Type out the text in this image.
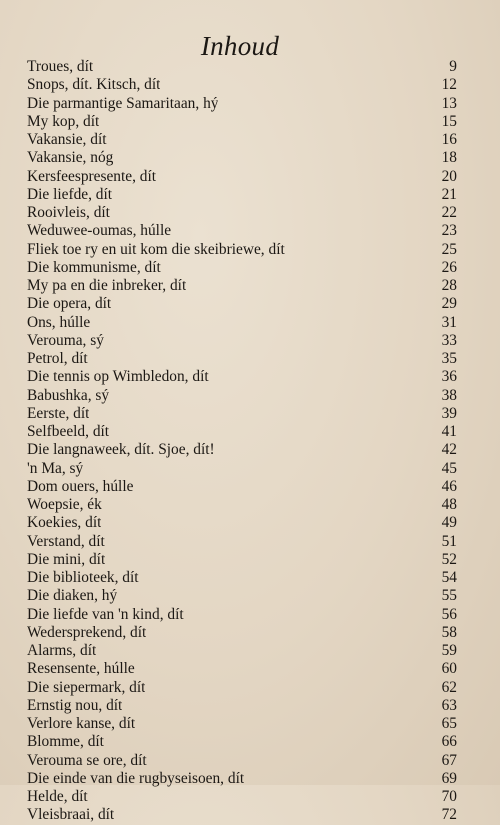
Inhoud
Troues, dít	9
Snops, dít. Kitsch, dít	12
Die parmantige Samaritaan, hý	13
My kop, dít	15
Vakansie, dít	16
Vakansie, nóg	18
Kersfeespresente, dít	20
Die liefde, dít	21
Rooivleis, dít	22
Weduwee-oumas, húlle	23
Fliek toe ry en uit kom die skeibriewe, dít	25
Die kommunisme, dít	26
My pa en die inbreker, dít	28
Die opera, dít	29
Ons, húlle	31
Verouma, sý	33
Petrol, dít	35
Die tennis op Wimbledon, dít	36
Babushka, sý	38
Eerste, dít	39
Selfbeeld, dít	41
Die langnaweek, dít. Sjoe, dít!	42
'n Ma, sý	45
Dom ouers, húlle	46
Woepsie, ék	48
Koekies, dít	49
Verstand, dít	51
Die mini, dít	52
Die biblioteek, dít	54
Die diaken, hý	55
Die liefde van 'n kind, dít	56
Wedersprekend, dít	58
Alarms, dít	59
Resensente, húlle	60
Die siepermark, dít	62
Ernstig nou, dít	63
Verlore kanse, dít	65
Blomme, dít	66
Verouma se ore, dít	67
Die einde van die rugbyseisoen, dít	69
Helde, dít	70
Vleisbraai, dít	72
